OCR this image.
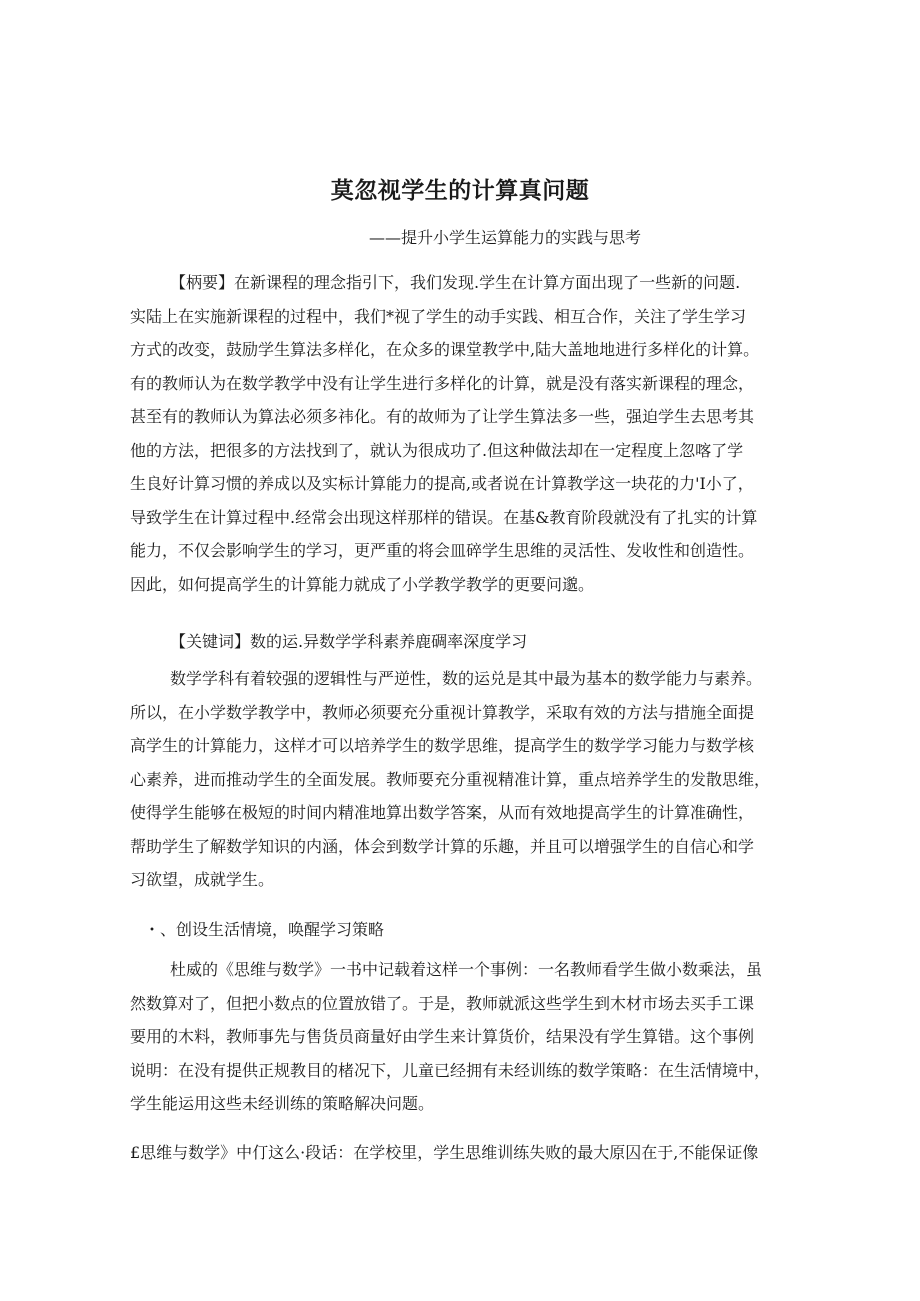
莫忽视学生的计算真问题
——提升小学生运算能力的实践与思考
【柄要】在新课程的理念指引下，我们发现.学生在计算方面出现了一些新的问题.
实陆上在实施新课程的过程中，我们*视了学生的动手实践、相互合作，关注了学生学习
方式的改变，鼓励学生算法多样化，在众多的课堂教学中,陆大盖地地进行多样化的计算。
有的教师认为在数学教学中没有让学生进行多样化的计算，就是没有落实新课程的理念，
甚至有的教师认为算法必须多祎化。有的故师为了让学生算法多一些，强迫学生去思考其
他的方法，把很多的方法找到了，就认为很成功了.但这种做法却在一定程度上忽喀了学
生良好计算习惯的养成以及实标计算能力的提高,或者说在计算教学这一块花的力'I小了，
导致学生在计算过程中.经常会出现这样那样的错误。在基&教育阶段就没有了扎实的计算
能力，不仅会影响学生的学习，更严重的将会皿碎学生思维的灵活性、发收性和创造性。
因此，如何提高学生的计算能力就成了小学教学教学的更要问邈。
【关键词】数的运.异数学学科素养鹿碉率深度学习
数学学科有着较强的逻辑性与严逆性，数的运兑是其中最为基本的数学能力与素养。
所以，在小学数学教学中，教师必须要充分重视计算教学，采取有效的方法与措施全面提
高学生的计算能力，这样才可以培养学生的数学思维，提高学生的数学学习能力与数学核
心素养，进而推动学生的全面发展。教师要充分重视精准计算，重点培养学生的发散思维，
使得学生能够在极短的时间内精准地算出数学答案，从而有效地提高学生的计算准确性，
帮助学生了解数学知识的内涵，体会到数学计算的乐趣，并且可以增强学生的自信心和学
习欲望，成就学生。
・、创设生活情境，唤醒学习策略
杜威的《思维与数学》一书中记载着这样一个事例：一名教师看学生做小数乘法，虽
然数算对了，但把小数点的位置放错了。于是，教师就派这些学生到木材市场去买手工课
要用的木料，教师事先与售货员商量好由学生来计算货价，结果没有学生算错。这个事例
说明：在没有提供正规教目的楮况下，儿童已经拥有未经训练的数学策略：在生活情境中，
学生能运用这些未经训练的策略解决问题。
£思维与数学》中仃这么·段话：在学校里，学生思维训练失败的最大原囚在于,不能保证像
